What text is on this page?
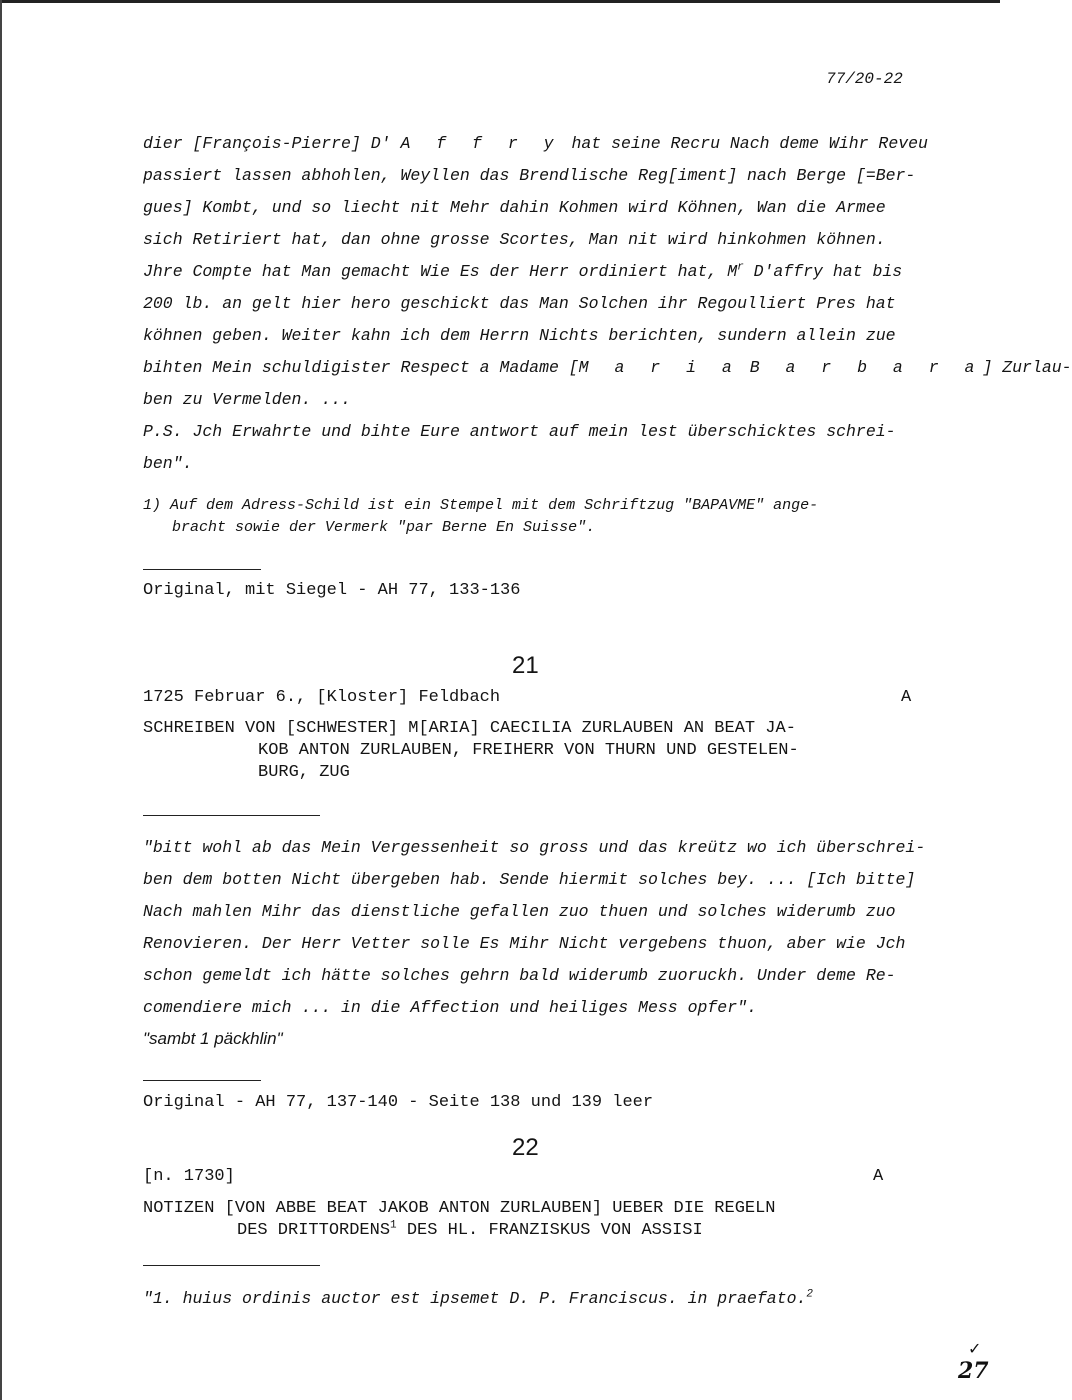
77/20-22
dier [François-Pierre] D' A f f r y hat seine Recru Nach deme Wihr Reveu
passiert lassen abhohlen, Weyllen das Brendlische Reg[iment] nach Berge [=Ber-
gues] Kombt, und so liecht nit Mehr dahin Kohmen wird Köhnen, Wan die Armee
sich Retiriert hat, dan ohne grosse Scortes, Man nit wird hinkohmen köhnen.
Jhre Compte hat Man gemacht Wie Es der Herr ordiniert hat, $M^r$ D'affry hat bis
200 lb. an gelt hier hero geschickt das Man Solchen ihr Regoulliert Pres hat
köhnen geben. Weiter kahn ich dem Herrn Nichts berichten, sundern allein zue
bihten Mein schuldigister Respect a Madame [M a r i a B a r b a r a] Zurlau-
ben zu Vermelden. ...
P.S. Jch Erwahrte und bihte Eure antwort auf mein lest überschicktes schrei-
ben".
1) Auf dem Adress-Schild ist ein Stempel mit dem Schriftzug "BAPAVME" ange-
bracht sowie der Vermerk "par Berne En Suisse".
Original, mit Siegel - AH 77, 133-136
21
1725 Februar 6., [Kloster] Feldbach	A
SCHREIBEN VON [SCHWESTER] M[ARIA] CAECILIA ZURLAUBEN AN BEAT JA-
KOB ANTON ZURLAUBEN, FREIHERR VON THURN UND GESTELEN-
BURG, ZUG
"bitt wohl ab das Mein Vergessenheit so gross und das kreütz wo ich überschrei-
ben dem botten Nicht übergeben hab. Sende hiermit solches bey. ... [Ich bitte]
Nach mahlen Mihr das dienstliche gefallen zuo thuen und solches widerumb zuo
Renovieren. Der Herr Vetter solle Es Mihr Nicht vergebens thuon, aber wie Jch
schon gemeldt ich hätte solches gehrn bald widerumb zuoruckh. Under deme Re-
comendiere mich ... in die Affection und heiliges Mess opfer".
"sambt 1 päckhlin"
Original - AH 77, 137-140 - Seite 138 und 139 leer
22
[n. 1730]	A
NOTIZEN [VON ABBE BEAT JAKOB ANTON ZURLAUBEN] UEBER DIE REGELN
DES DRITTORDENS$^1$ DES HL. FRANZISKUS VON ASSISI
"1. huius ordinis auctor est ipsemet D. P. Franciscus. in praefato.$^2$
✓
27
